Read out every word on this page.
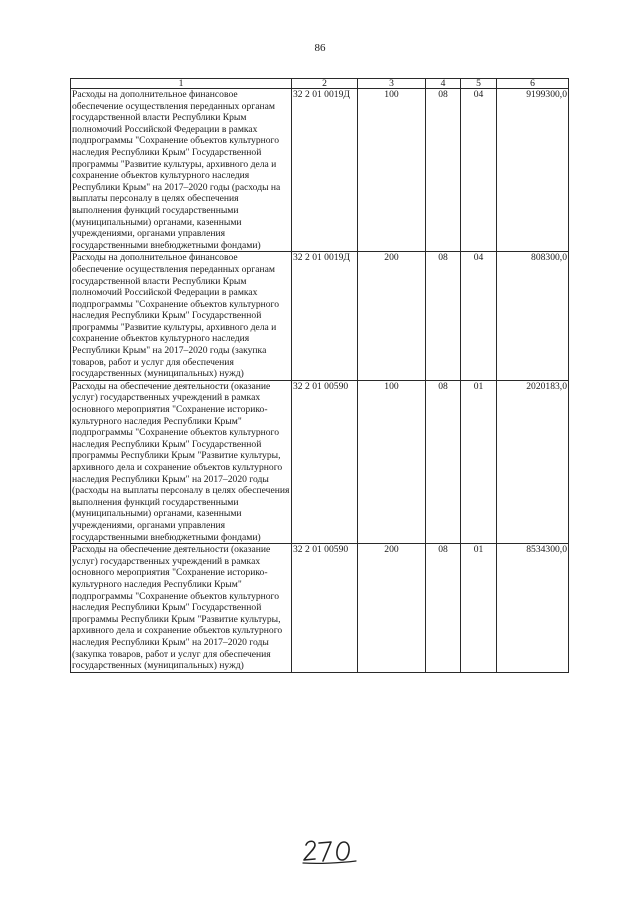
86
1	2	3	4	5	6
Расходы на дополнительное финансовое обеспечение осуществления переданных органам государственной власти Республики Крым полномочий Российской Федерации в рамках подпрограммы "Сохранение объектов культурного наследия Республики Крым" Государственной программы "Развитие культуры, архивного дела и сохранение объектов культурного наследия Республики Крым" на 2017–2020 годы (расходы на выплаты персоналу в целях обеспечения выполнения функций государственными (муниципальными) органами, казенными учреждениями, органами управления государственными внебюджетными фондами)	32 2 01 0019Д	100	08	04	9199300,0
Расходы на дополнительное финансовое обеспечение осуществления переданных органам государственной власти Республики Крым полномочий Российской Федерации в рамках подпрограммы "Сохранение объектов культурного наследия Республики Крым" Государственной программы "Развитие культуры, архивного дела и сохранение объектов культурного наследия Республики Крым" на 2017–2020 годы (закупка товаров, работ и услуг для обеспечения государственных (муниципальных) нужд)	32 2 01 0019Д	200	08	04	808300,0
Расходы на обеспечение деятельности (оказание услуг) государственных учреждений в рамках основного мероприятия "Сохранение историко-культурного наследия Республики Крым" подпрограммы "Сохранение объектов культурного наследия Республики Крым" Государственной программы Республики Крым "Развитие культуры, архивного дела и сохранение объектов культурного наследия Республики Крым" на 2017–2020 годы (расходы на выплаты персоналу в целях обеспечения выполнения функций государственными (муниципальными) органами, казенными учреждениями, органами управления государственными внебюджетными фондами)	32 2 01 00590	100	08	01	2020183,0
Расходы на обеспечение деятельности (оказание услуг) государственных учреждений в рамках основного мероприятия "Сохранение историко-культурного наследия Республики Крым" подпрограммы "Сохранение объектов культурного наследия Республики Крым" Государственной программы Республики Крым "Развитие культуры, архивного дела и сохранение объектов культурного наследия Республики Крым" на 2017–2020 годы (закупка товаров, работ и услуг для обеспечения государственных (муниципальных) нужд)	32 2 01 00590	200	08	01	8534300,0
